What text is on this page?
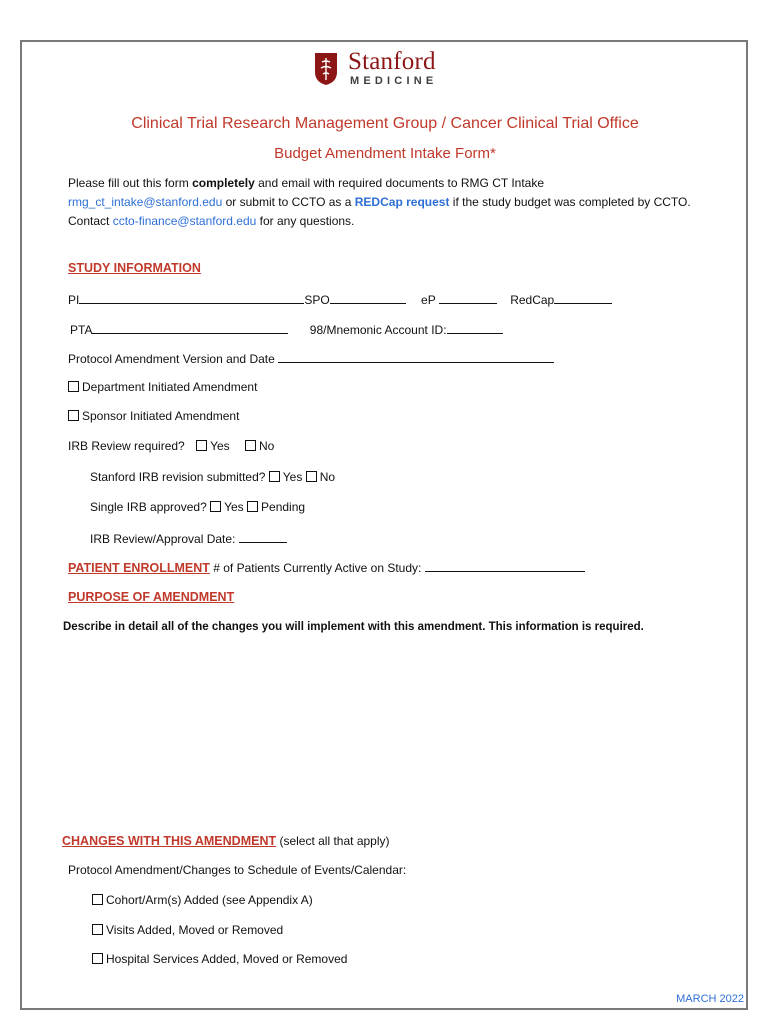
Stanford
MEDICINE
Clinical Trial Research Management Group / Cancer Clinical Trial Office
Budget Amendment Intake Form*
Please fill out this form completely and email with required documents to RMG CT Intake
rmg_ct_intake@stanford.edu or submit to CCTO as a REDCap request if the study budget was completed by CCTO.
Contact ccto-finance@stanford.edu for any questions.
STUDY INFORMATION
PI	SPO	eP	RedCap
PTA	98/Mnemonic Account ID:
Protocol Amendment Version and Date
Department Initiated Amendment
Sponsor Initiated Amendment
IRB Review required? Yes No
Stanford IRB revision submitted? Yes No
Single IRB approved? Yes Pending
IRB Review/Approval Date:
PATIENT ENROLLMENT # of Patients Currently Active on Study:
PURPOSE OF AMENDMENT
Describe in detail all of the changes you will implement with this amendment. This information is required.
CHANGES WITH THIS AMENDMENT (select all that apply)
Protocol Amendment/Changes to Schedule of Events/Calendar:
Cohort/Arm(s) Added (see Appendix A)
Visits Added, Moved or Removed
Hospital Services Added, Moved or Removed
MARCH 2022
